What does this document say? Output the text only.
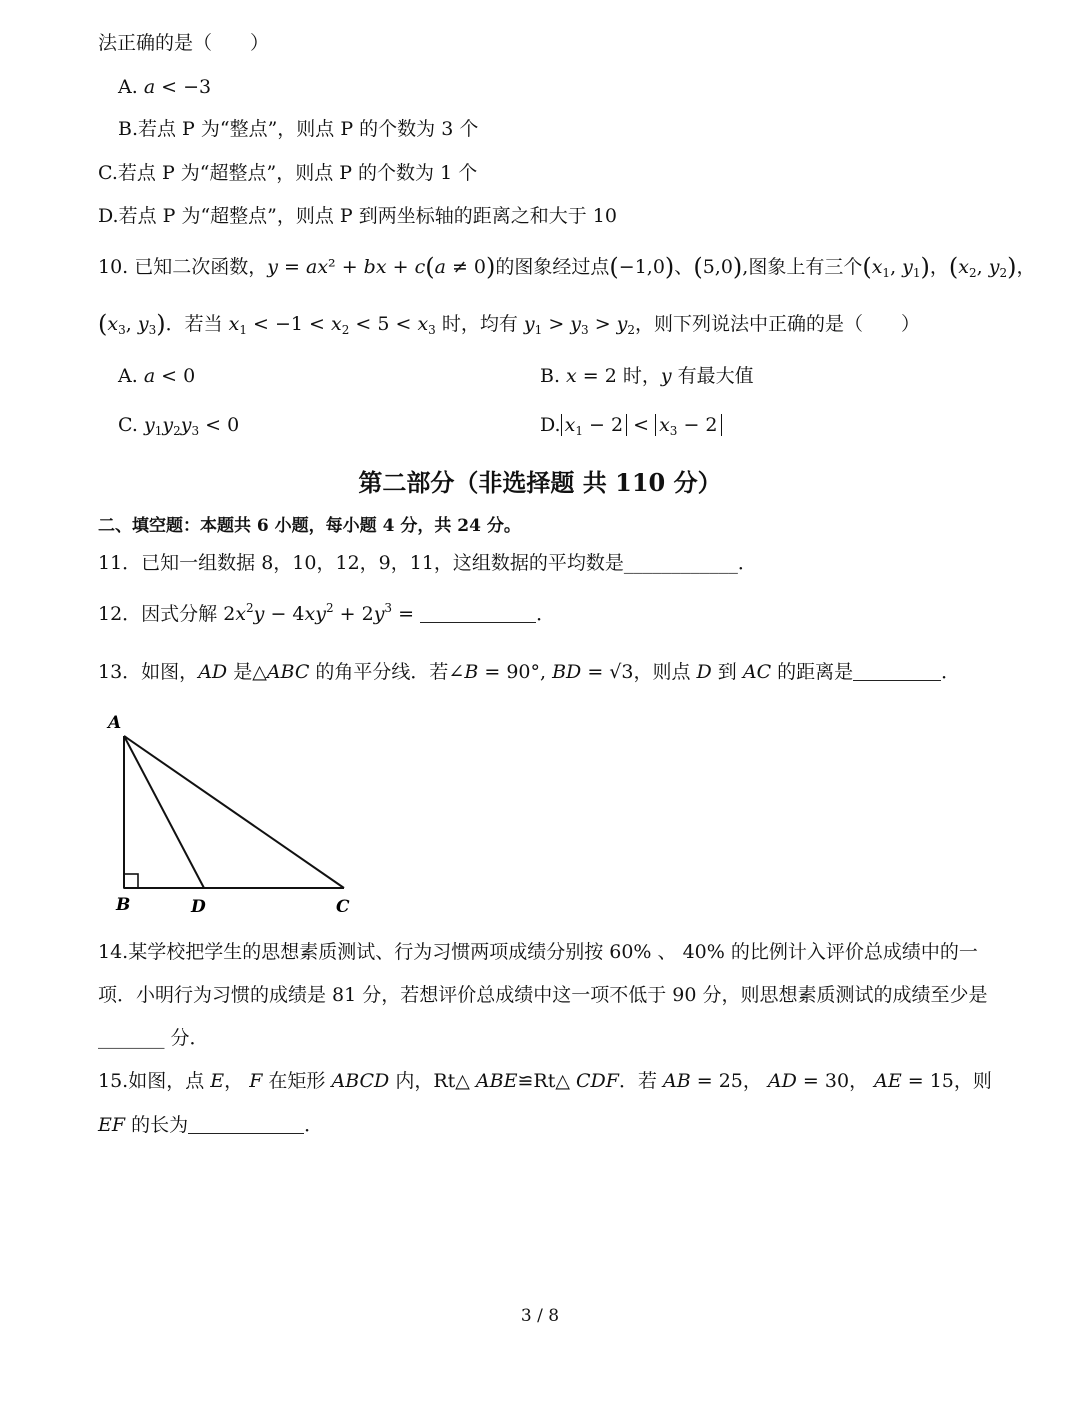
法正确的是（　　）
A. a < −3
B.若点 P 为“整点”，则点 P 的个数为 3 个
C.若点 P 为“超整点”，则点 P 的个数为 1 个
D.若点 P 为“超整点”，则点 P 到两坐标轴的距离之和大于 10
10. 已知二次函数，y = ax² + bx + c(a ≠ 0)的图象经过点(−1,0)、(5,0),图象上有三个($x_1$, $y_1$)，($x_2$, $y_2$)，
($x_3$, $y_3$)．若当 $x_1 < -1 < x_2 < 5 < x_3$ 时，均有 $y_1 > y_3 > y_2$，则下列说法中正确的是（　　）
A. a < 0	B. x = 2 时，y 有最大值
C. $y_1y_2y_3 < 0$	D. $x_1 - 2 < x_3 - 2$
第二部分（非选择题 共 110 分）
二、填空题：本题共 6 小题，每小题 4 分，共 24 分。
11．已知一组数据 8，10，12，9，11，这组数据的平均数是____________．
12．因式分解 $2x^2y - 4xy^2 + 2y^3$ =	．
13．如图，AD 是△ABC 的角平分线．若∠B = 90°, BD = √3，则点 D 到 AC 的距离是	．
A
B	D	C
14.某学校把学生的思想素质测试、行为习惯两项成绩分别按 60% 、 40% 的比例计入评价总成绩中的一
项．小明行为习惯的成绩是 81 分，若想评价总成绩中这一项不低于 90 分，则思想素质测试的成绩至少是
_______ 分．
15.如图，点 E， F 在矩形 ABCD 内，Rt△ ABE≌Rt△ CDF．若 AB = 25， AD = 30， AE = 15，则
EF 的长为	．
3 / 8
